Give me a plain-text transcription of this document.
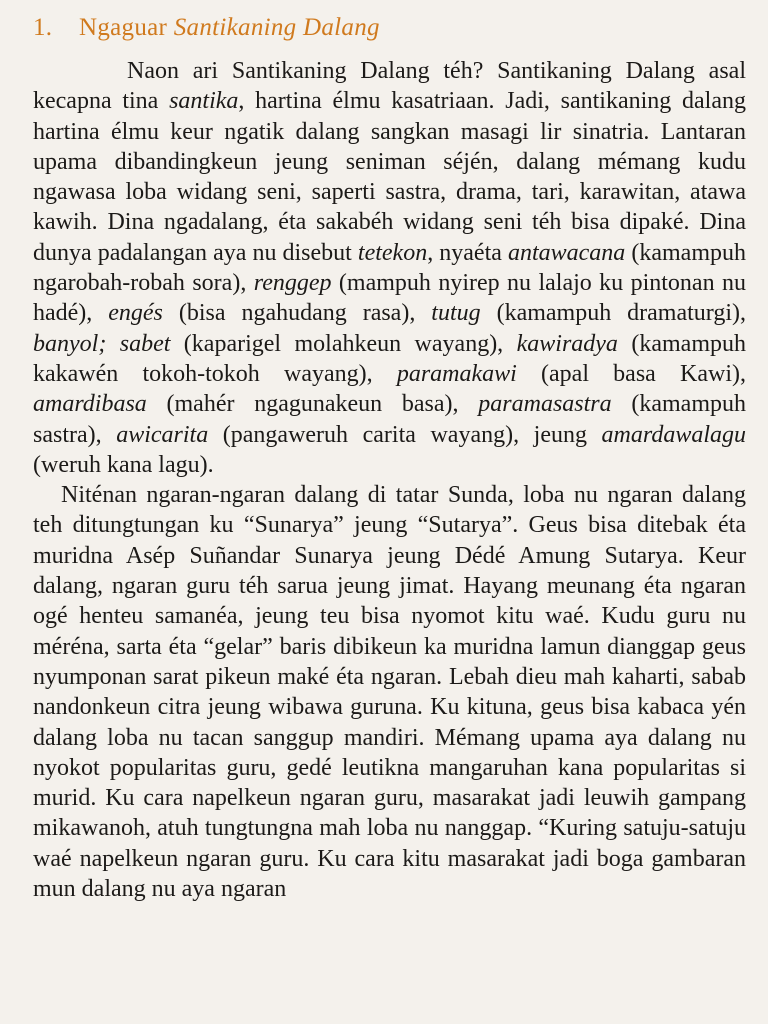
1. Ngaguar Santikaning Dalang

Naon ari Santikaning Dalang téh? Santikaning Dalang asal kecapna tina santika, hartina élmu kasatriaan. Jadi, santikaning dalang hartina élmu keur ngatik dalang sangkan masagi lir sinatria. Lantaran upama dibandingkeun jeung seniman séjén, dalang mémang kudu ngawasa loba widang seni, saperti sastra, drama, tari, karawitan, atawa kawih. Dina ngadalang, éta sakabéh widang seni téh bisa dipaké. Dina dunya padalangan aya nu disebut tetekon, nyaéta antawacana (kamampuh ngarobah-robah sora), renggep (mampuh nyirep nu lalajo ku pintonan nu hadé), engés (bisa ngahudang rasa), tutug (kamampuh dramaturgi), banyol; sabet (kaparigel molahkeun wayang), kawiradya (kamampuh kakawén tokoh-tokoh wayang), paramakawi (apal basa Kawi), amardibasa (mahér ngagunakeun basa), paramasastra (kamampuh sastra), awicarita (pangaweruh carita wayang), jeung amardawalagu (weruh kana lagu).

Niténan ngaran-ngaran dalang di tatar Sunda, loba nu ngaran dalang teh ditungtungan ku “Sunarya” jeung “Sutarya”. Geus bisa ditebak éta muridna Asép Suñandar Sunarya jeung Dédé Amung Sutarya. Keur dalang, ngaran guru téh sarua jeung jimat. Hayang meunang éta ngaran ogé henteu samanéa, jeung teu bisa nyomot kitu waé. Kudu guru nu méréna, sarta éta “gelar” baris dibikeun ka muridna lamun dianggap geus nyumponan sarat pikeun maké éta ngaran. Lebah dieu mah kaharti, sabab nandonkeun citra jeung wibawa guruna. Ku kituna, geus bisa kabaca yén dalang loba nu tacan sanggup mandiri. Mémang upama aya dalang nu nyokot popularitas guru, gedé leutikna mangaruhan kana popularitas si murid. Ku cara napelkeun ngaran guru, masarakat jadi leuwih gampang mikawanoh, atuh tungtungna mah loba nu nanggap. “Kuring satuju-satuju waé napelkeun ngaran guru. Ku cara kitu masarakat jadi boga gambaran mun dalang nu aya ngaran
